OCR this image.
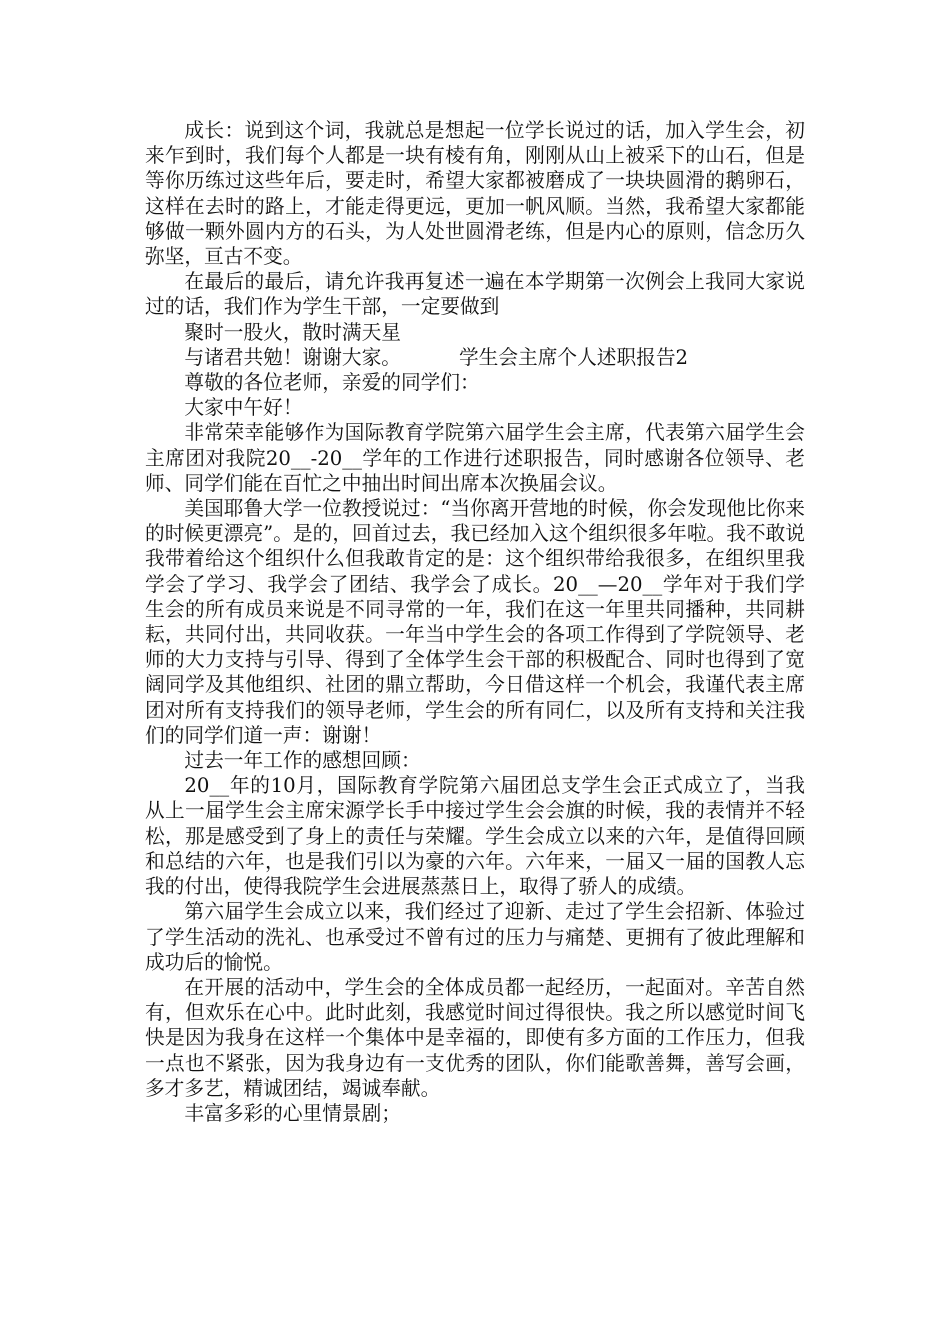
成长：说到这个词，我就总是想起一位学长说过的话，加入学生会，初来乍到时，我们每个人都是一块有棱有角，刚刚从山上被采下的山石，但是等你历练过这些年后，要走时，希望大家都被磨成了一块块圆滑的鹅卵石，这样在去时的路上，才能走得更远，更加一帆风顺。当然，我希望大家都能够做一颗外圆内方的石头，为人处世圆滑老练，但是内心的原则，信念历久弥坚，亘古不变。

在最后的最后，请允许我再复述一遍在本学期第一次例会上我同大家说过的话，我们作为学生干部，一定要做到

聚时一股火，散时满天星

与诸君共勉！谢谢大家。	学生会主席个人述职报告2

尊敬的各位老师，亲爱的同学们：

大家中午好！

非常荣幸能够作为国际教育学院第六届学生会主席，代表第六届学生会主席团对我院20__-20__学年的工作进行述职报告，同时感谢各位领导、老师、同学们能在百忙之中抽出时间出席本次换届会议。

美国耶鲁大学一位教授说过：“当你离开营地的时候，你会发现他比你来的时候更漂亮”。是的，回首过去，我已经加入这个组织很多年啦。我不敢说我带着给这个组织什么但我敢肯定的是：这个组织带给我很多，在组织里我学会了学习、我学会了团结、我学会了成长。20__—20__学年对于我们学生会的所有成员来说是不同寻常的一年，我们在这一年里共同播种，共同耕耘，共同付出，共同收获。一年当中学生会的各项工作得到了学院领导、老师的大力支持与引导、得到了全体学生会干部的积极配合、同时也得到了宽阔同学及其他组织、社团的鼎立帮助，今日借这样一个机会，我谨代表主席团对所有支持我们的领导老师，学生会的所有同仁，以及所有支持和关注我们的同学们道一声：谢谢！

过去一年工作的感想回顾：

20__年的10月，国际教育学院第六届团总支学生会正式成立了，当我从上一届学生会主席宋源学长手中接过学生会会旗的时候，我的表情并不轻松，那是感受到了身上的责任与荣耀。学生会成立以来的六年，是值得回顾和总结的六年，也是我们引以为豪的六年。六年来，一届又一届的国教人忘我的付出，使得我院学生会进展蒸蒸日上，取得了骄人的成绩。

第六届学生会成立以来，我们经过了迎新、走过了学生会招新、体验过了学生活动的洗礼、也承受过不曾有过的压力与痛楚、更拥有了彼此理解和成功后的愉悦。

在开展的活动中，学生会的全体成员都一起经历，一起面对。辛苦自然有，但欢乐在心中。此时此刻，我感觉时间过得很快。我之所以感觉时间飞快是因为我身在这样一个集体中是幸福的，即使有多方面的工作压力，但我一点也不紧张，因为我身边有一支优秀的团队，你们能歌善舞，善写会画，多才多艺，精诚团结，竭诚奉献。

丰富多彩的心里情景剧；
